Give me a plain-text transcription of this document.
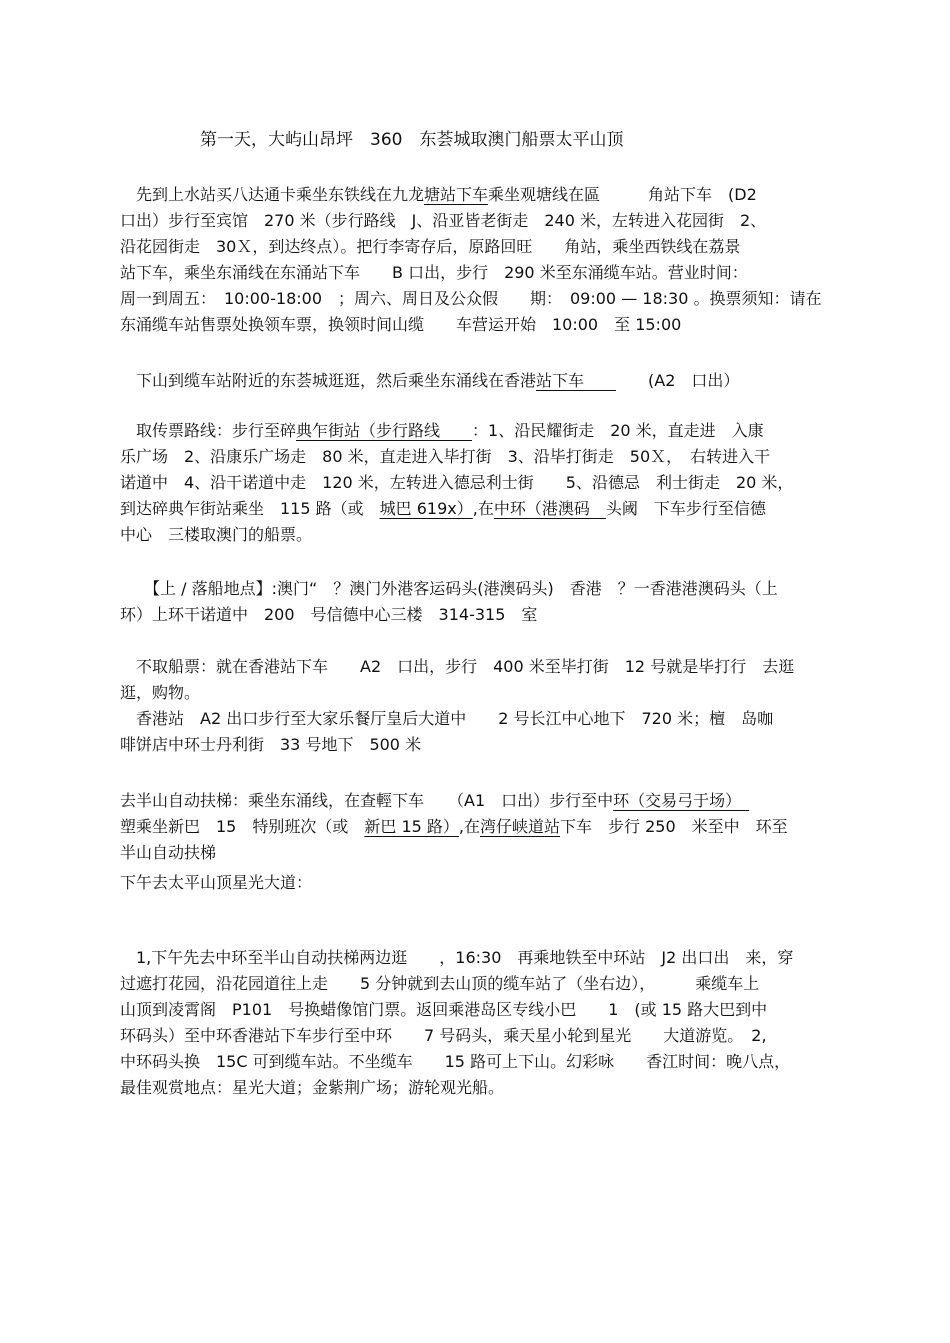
第一天，大屿山昂坪　360　东荟城取澳门船票太平山顶
　先到上水站买八达通卡乘坐东铁线在九龙塘站下车乘坐观塘线在區　　　角站下车　(D2
口出）步行至宾馆　270 米（步行路线　J、沿亚皆老街走　240 米，左转进入花园街　2、
沿花园街走　30Ｘ，到达终点）。把行李寄存后，原路回旺　　角站，乘坐西铁线在荔景
站下车，乘坐东涌线在东涌站下车　　B 口出，步行　290 米至东涌缆车站。营业时间：
周一到周五：　10:00-18:00　；周六、周日及公众假　　期：　09:00 — 18:30 。换票须知：请在
东涌缆车站售票处换领车票，换领时间山缆　　车营运开始　10:00　至 15:00
　下山到缆车站附近的东荟城逛逛，然后乘坐东涌线在香港站下车　　　　(A2　口出）
　取传票路线：步行至碎典乍街站（步行路线　　：1、沿民耀街走　20 米，直走进　入康
乐广场　2、沿康乐广场走　80 米，直走进入毕打街　3、沿毕打街走　50Ｘ，　右转进入干
诺道中　4、沿干诺道中走　120 米，左转进入德忌利士街　　5、沿德忌　利士街走　20 米，
到达碎典乍街站乘坐　115 路（或　城巴 619x）,在中环（港澳码　头阈　下车步行至信德
中心　三楼取澳门的船票。
　　【上 / 落船地点】:澳门“　？澳门外港客运码头(港澳码头)　香港　？一香港港澳码头（上
环）上环干诺道中　200　号信德中心三楼　314-315　室
　不取船票：就在香港站下车　　A2　口出，步行　400 米至毕打街　12 号就是毕打行　去逛
逛，购物。
　香港站　A2 出口步行至大家乐餐厅皇后大道中　　2 号长江中心地下　720 米；檀　岛咖
啡饼店中环士丹利街　33 号地下　500 米
去半山自动扶梯：乘坐东涌线，在查輕下车　　（A1　口出）步行至中环（交易弓于场）　
塑乘坐新巴　15　特别班次（或　新巴 15 路）,在湾仔峡道站下车　步行 250　米至中　环至
半山自动扶梯
下午去太平山顶星光大道：
　1,下午先去中环至半山自动扶梯两边逛　　，16:30　再乘地铁至中环站　J2 出口出　来，穿
过遮打花园，沿花园道往上走　　5 分钟就到去山顶的缆车站了（坐右边），　　　乘缆车上
山顶到凌霄阁　P101　号换蜡像馆门票。返回乘港岛区专线小巴　　1　(或 15 路大巴到中
环码头）至中环香港站下车步行至中环　　7 号码头，乘天星小轮到星光　　大道游览。　2,
中环码头换　15C 可到缆车站。不坐缆车　　15 路可上下山。幻彩咏　　香江时间：晚八点，
最佳观赏地点：星光大道；金紫荆广场；游轮观光船。
